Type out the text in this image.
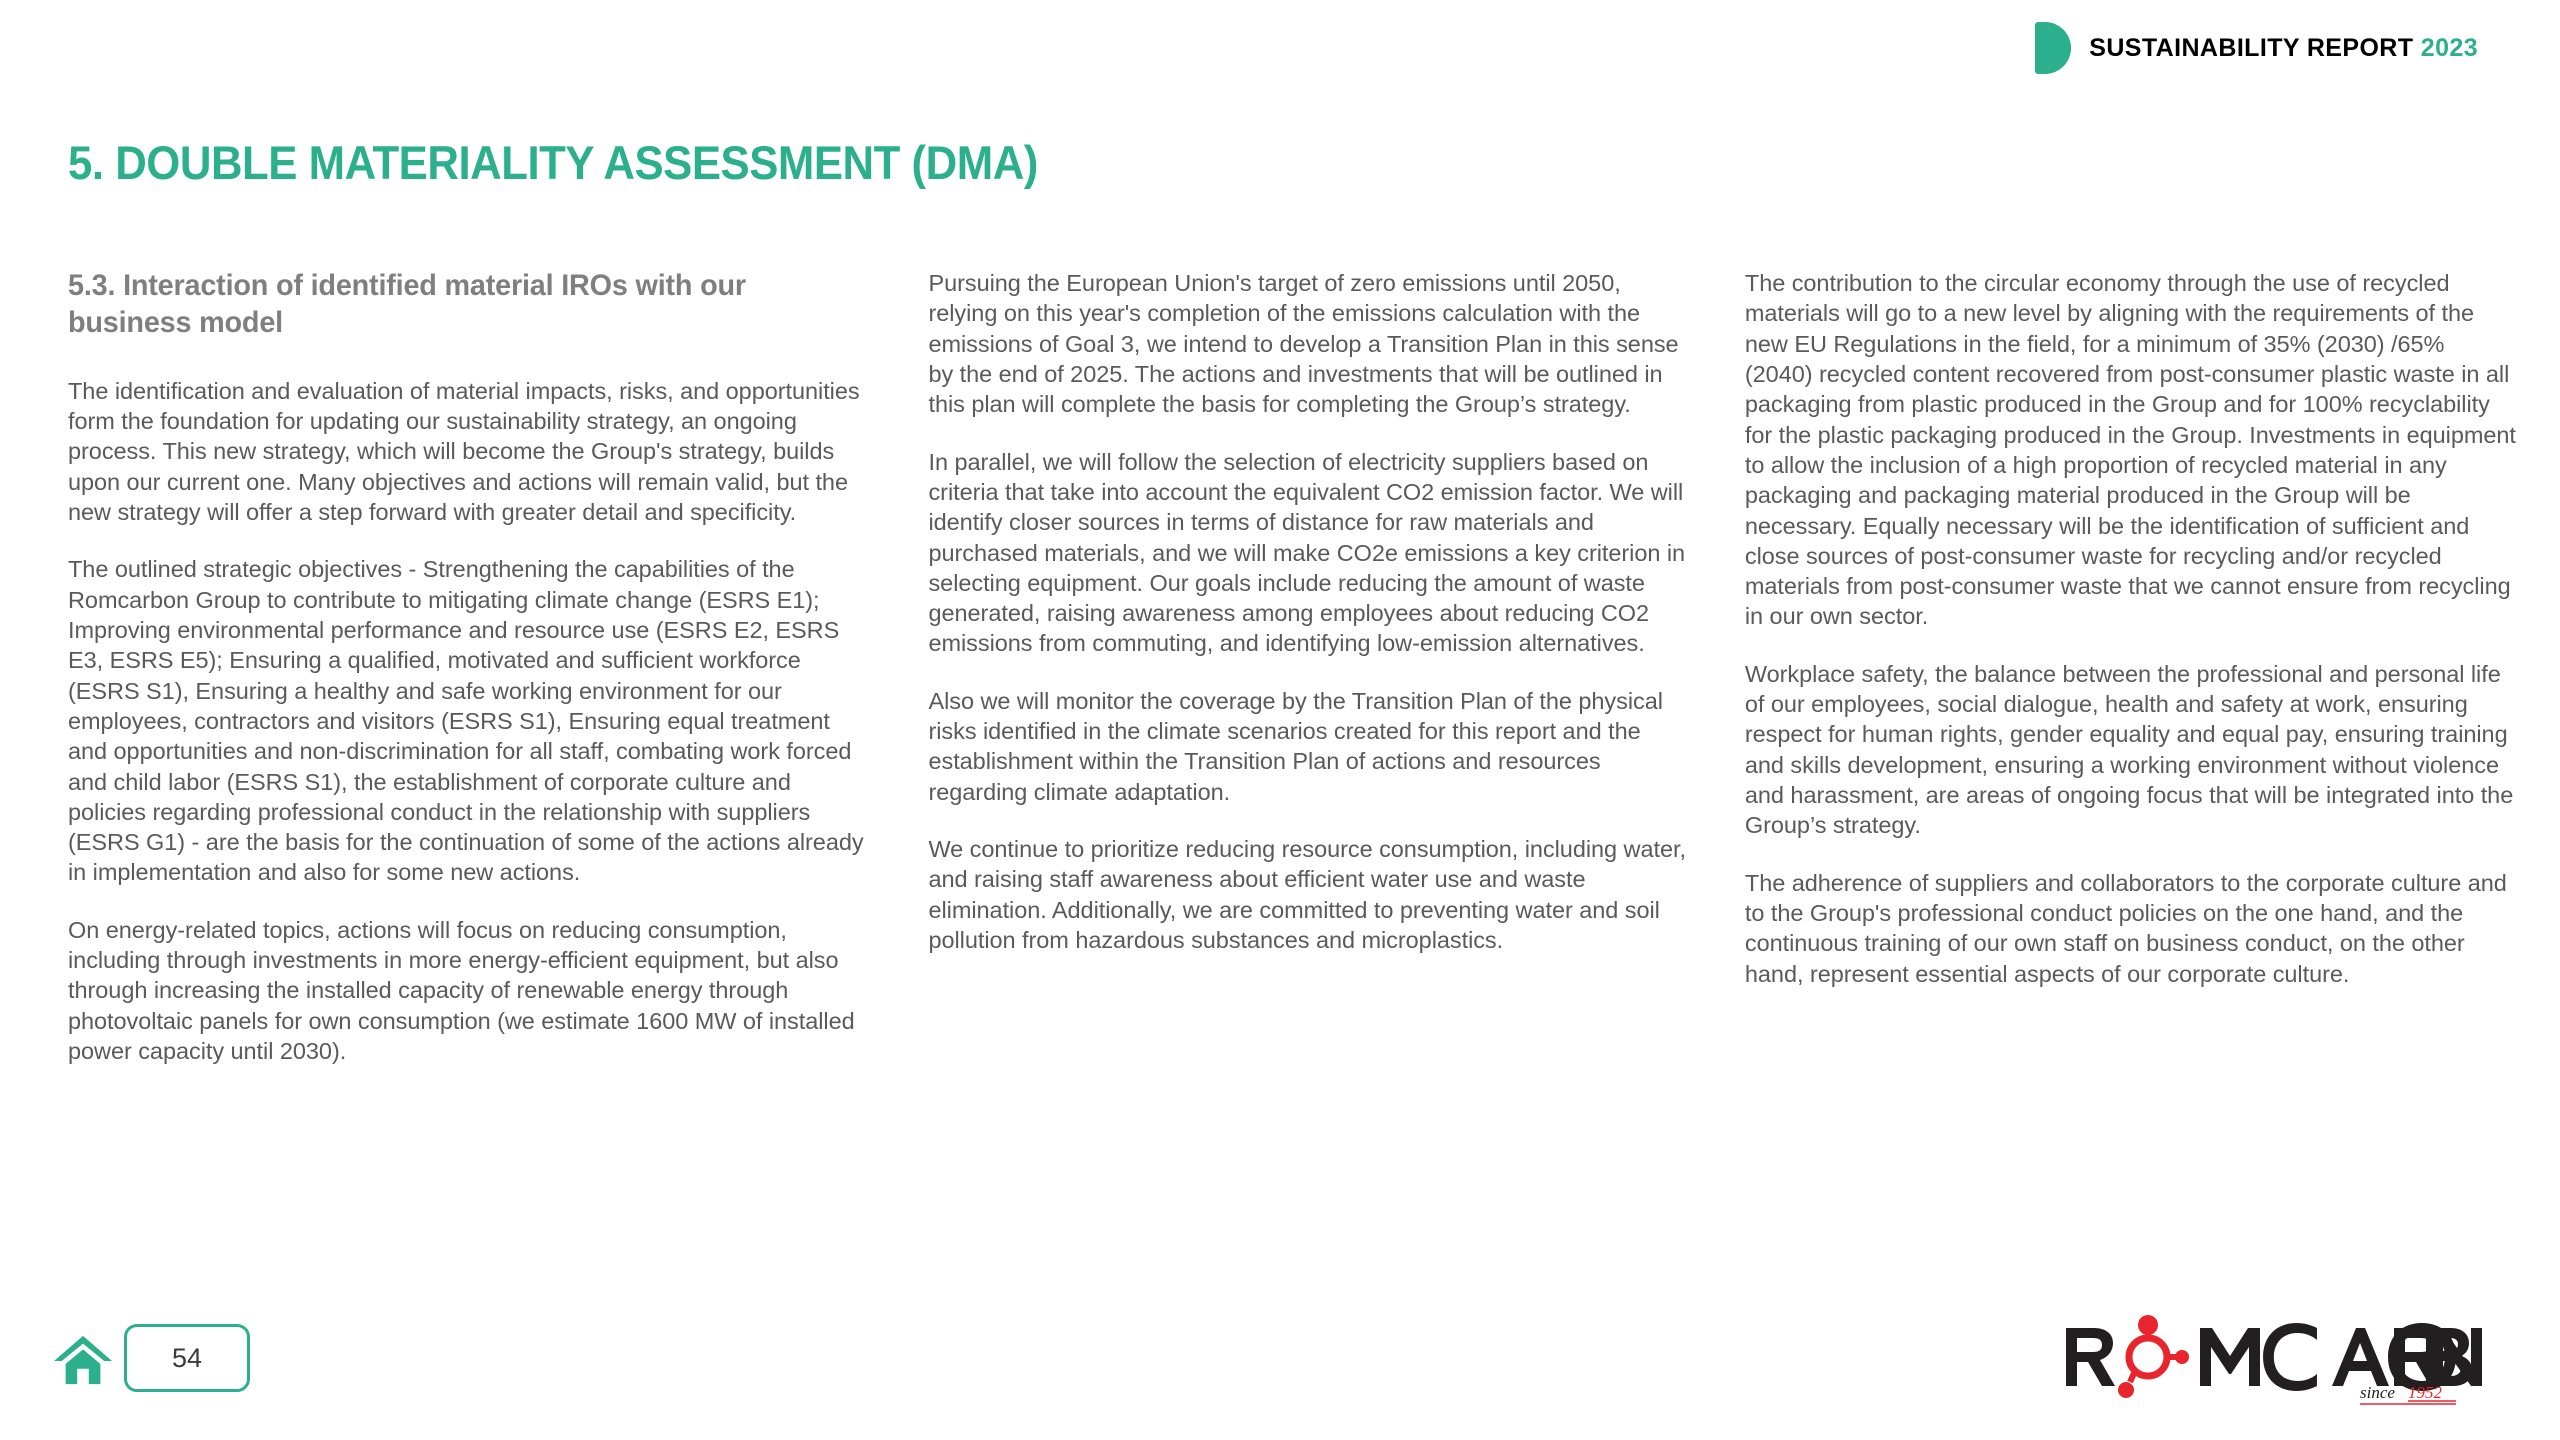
SUSTAINABILITY REPORT 2023
5. DOUBLE MATERIALITY ASSESSMENT (DMA)
5.3. Interaction of identified material IROs with our business model

The identification and evaluation of material impacts, risks, and opportunities form the foundation for updating our sustainability strategy, an ongoing process. This new strategy, which will become the Group's strategy, builds upon our current one. Many objectives and actions will remain valid, but the new strategy will offer a step forward with greater detail and specificity.

The outlined strategic objectives - Strengthening the capabilities of the Romcarbon Group to contribute to mitigating climate change (ESRS E1); Improving environmental performance and resource use (ESRS E2, ESRS E3, ESRS E5); Ensuring a qualified, motivated and sufficient workforce (ESRS S1), Ensuring a healthy and safe working environment for our employees, contractors and visitors (ESRS S1), Ensuring equal treatment and opportunities and non-discrimination for all staff, combating work forced and child labor (ESRS S1), the establishment of corporate culture and policies regarding professional conduct in the relationship with suppliers (ESRS G1) - are the basis for the continuation of some of the actions already in implementation and also for some new actions.

On energy-related topics, actions will focus on reducing consumption, including through investments in more energy-efficient equipment, but also through increasing the installed capacity of renewable energy through photovoltaic panels for own consumption (we estimate 1600 MW of installed power capacity until 2030).

Pursuing the European Union's target of zero emissions until 2050, relying on this year's completion of the emissions calculation with the emissions of Goal 3, we intend to develop a Transition Plan in this sense by the end of 2025. The actions and investments that will be outlined in this plan will complete the basis for completing the Group’s strategy.

In parallel, we will follow the selection of electricity suppliers based on criteria that take into account the equivalent CO2 emission factor. We will identify closer sources in terms of distance for raw materials and purchased materials, and we will make CO2e emissions a key criterion in selecting equipment. Our goals include reducing the amount of waste generated, raising awareness among employees about reducing CO2 emissions from commuting, and identifying low-emission alternatives.

Also we will monitor the coverage by the Transition Plan of the physical risks identified in the climate scenarios created for this report and the establishment within the Transition Plan of actions and resources regarding climate adaptation.

We continue to prioritize reducing resource consumption, including water, and raising staff awareness about efficient water use and waste elimination. Additionally, we are committed to preventing water and soil pollution from hazardous substances and microplastics.

The contribution to the circular economy through the use of recycled materials will go to a new level by aligning with the requirements of the new EU Regulations in the field, for a minimum of 35% (2030) /65% (2040) recycled content recovered from post-consumer plastic waste in all packaging from plastic produced in the Group and for 100% recyclability for the plastic packaging produced in the Group. Investments in equipment to allow the inclusion of a high proportion of recycled material in any packaging and packaging material produced in the Group will be necessary. Equally necessary will be the identification of sufficient and close sources of post-consumer waste for recycling and/or recycled materials from post-consumer waste that we cannot ensure from recycling in our own sector.

Workplace safety, the balance between the professional and personal life of our employees, social dialogue, health and safety at work, ensuring respect for human rights, gender equality and equal pay, ensuring training and skills development, ensuring a working environment without violence and harassment, are areas of ongoing focus that will be integrated into the Group’s strategy.

The adherence of suppliers and collaborators to the corporate culture and to the Group's professional conduct policies on the one hand, and the continuous training of our own staff on business conduct, on the other hand, represent essential aspects of our corporate culture.

54
since 1952
